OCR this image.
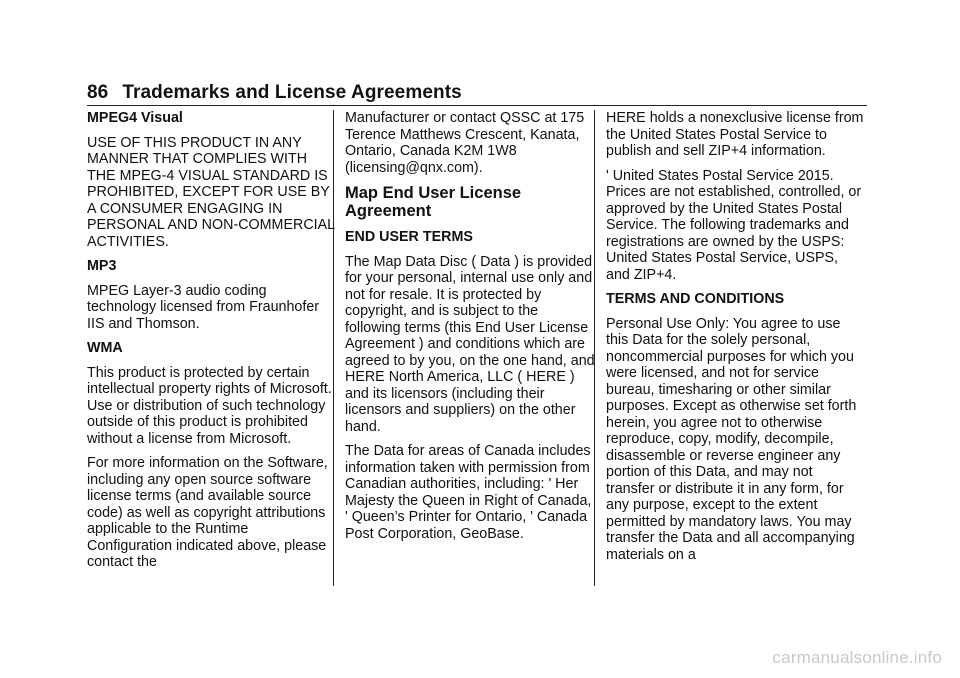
86 Trademarks and License Agreements
MPEG4 Visual

USE OF THIS PRODUCT IN ANY MANNER THAT COMPLIES WITH THE MPEG-4 VISUAL STANDARD IS PROHIBITED, EXCEPT FOR USE BY A CONSUMER ENGAGING IN PERSONAL AND NON-COMMERCIAL ACTIVITIES.

MP3

MPEG Layer-3 audio coding technology licensed from Fraunhofer IIS and Thomson.

WMA

This product is protected by certain intellectual property rights of Microsoft. Use or distribution of such technology outside of this product is prohibited without a license from Microsoft.

For more information on the Software, including any open source software license terms (and available source code) as well as copyright attributions applicable to the Runtime Configuration indicated above, please contact the

Manufacturer or contact QSSC at 175 Terence Matthews Crescent, Kanata, Ontario, Canada K2M 1W8 (licensing@qnx.com).

Map End User License Agreement
END USER TERMS

The Map Data Disc ( Data ) is provided for your personal, internal use only and not for resale. It is protected by copyright, and is subject to the following terms (this End User License Agreement ) and conditions which are agreed to by you, on the one hand, and HERE North America, LLC ( HERE ) and its licensors (including their licensors and suppliers) on the other hand.

The Data for areas of Canada includes information taken with permission from Canadian authorities, including: ' Her Majesty the Queen in Right of Canada, ' Queen’s Printer for Ontario, ' Canada Post Corporation, GeoBase.

HERE holds a nonexclusive license from the United States Postal Service to publish and sell ZIP+4 information.

' United States Postal Service 2015. Prices are not established, controlled, or approved by the United States Postal Service. The following trademarks and registrations are owned by the USPS: United States Postal Service, USPS, and ZIP+4.

TERMS AND CONDITIONS

Personal Use Only: You agree to use this Data for the solely personal, noncommercial purposes for which you were licensed, and not for service bureau, timesharing or other similar purposes. Except as otherwise set forth herein, you agree not to otherwise reproduce, copy, modify, decompile, disassemble or reverse engineer any portion of this Data, and may not transfer or distribute it in any form, for any purpose, except to the extent permitted by mandatory laws. You may transfer the Data and all accompanying materials on a

carmanualsonline.info
